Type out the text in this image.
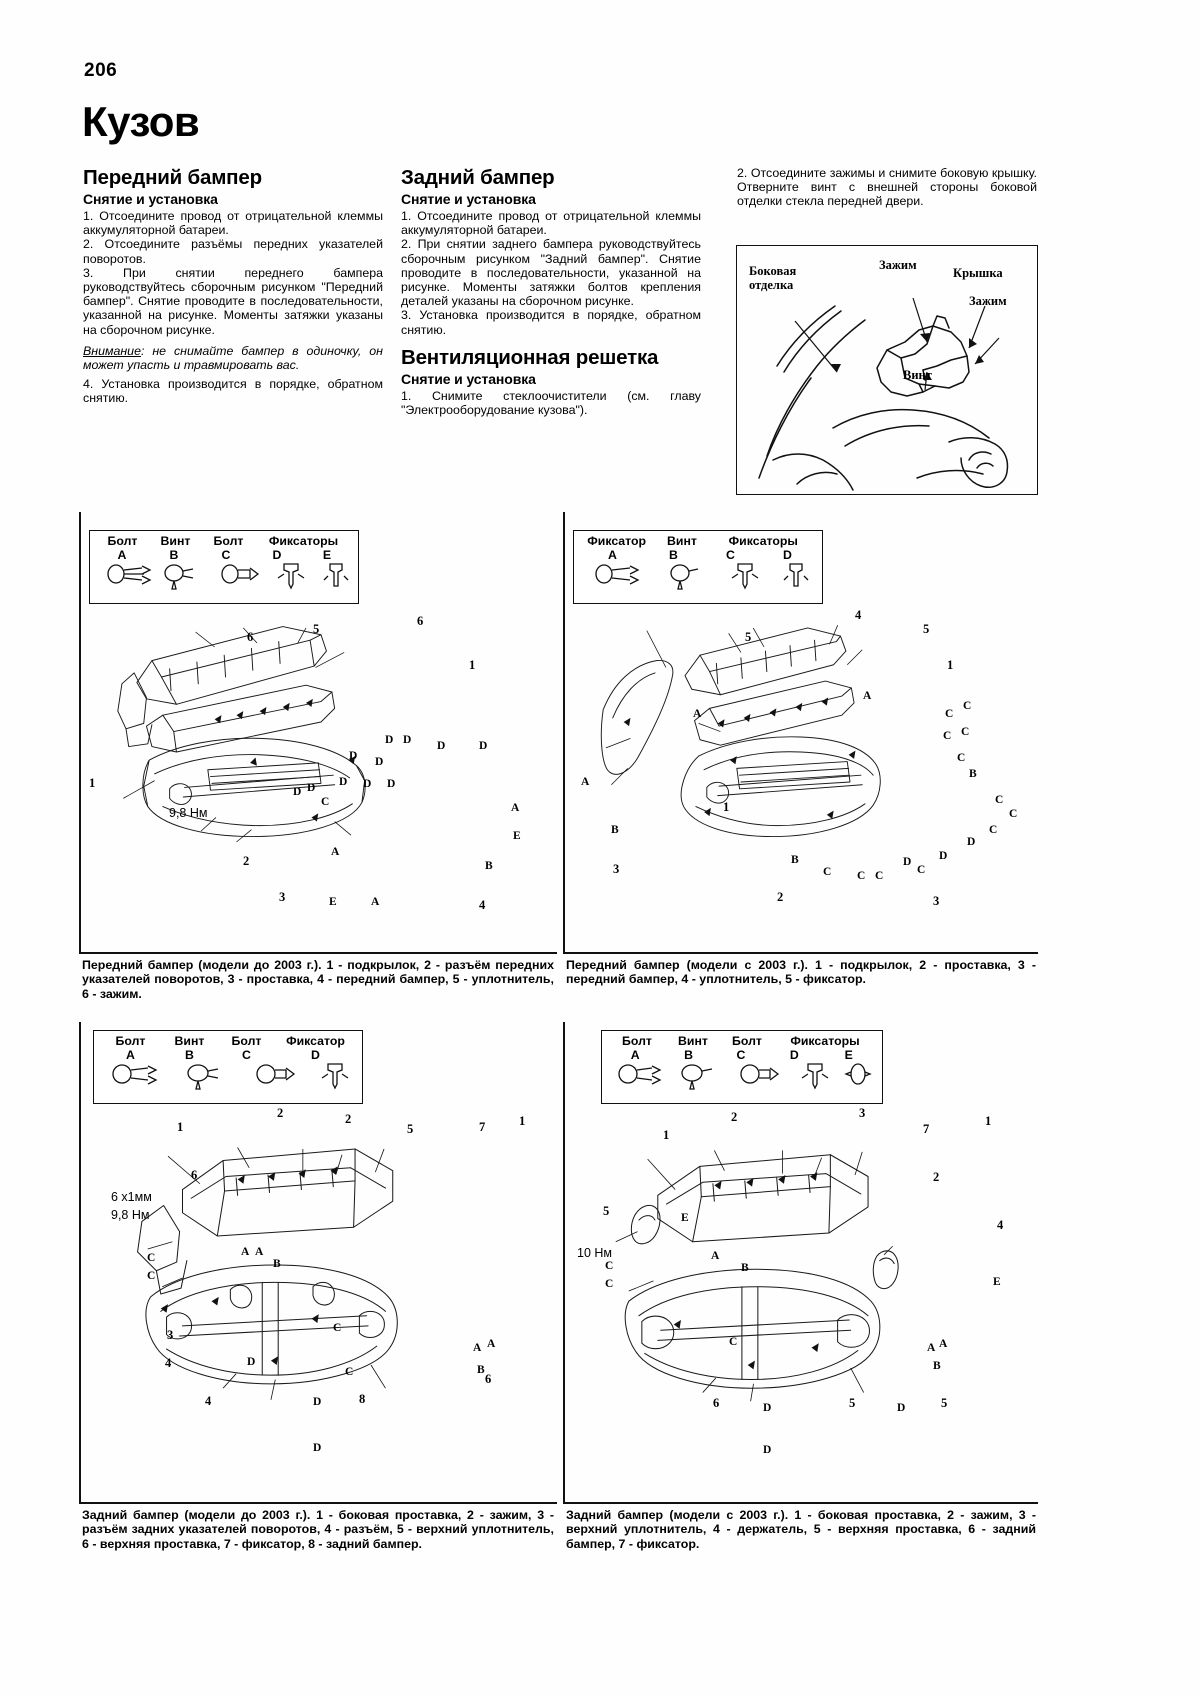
206
Кузов
Передний бампер
Снятие и установка
1. Отсоедините провод от отрицательной клеммы аккумуляторной батареи.
2. Отсоедините разъёмы передних указателей поворотов.
3. При снятии переднего бампера руководствуйтесь сборочным рисунком "Передний бампер". Снятие проводите в последовательности, указанной на рисунке. Моменты затяжки указаны на сборочном рисунке.
Внимание: не снимайте бампер в одиночку, он может упасть и травмировать вас.
4. Установка производится в порядке, обратном снятию.
Задний бампер
Снятие и установка
1. Отсоедините провод от отрицательной клеммы аккумуляторной батареи.
2. При снятии заднего бампера руководствуйтесь сборочным рисунком "Задний бампер". Снятие проводите в последовательности, указанной на рисунке. Моменты затяжки болтов крепления деталей указаны на сборочном рисунке.
3. Установка производится в порядке, обратном снятию.
Вентиляционная решетка
Снятие и установка
1. Снимите стеклоочистители (см. главу "Электрооборудование кузова").
2. Отсоедините зажимы и снимите боковую крышку. Отверните винт с внешней стороны боковой отделки стекла передней двери.
Боковая отделка
Зажим
Крышка
Зажим
Винт
Болт	Винт	Болт	Фиксаторы
A	B	C	D	E
6
5
6
1
1
2
3
4
9,8 Нм
D D
D D
D	D
D D D
D
C
D
A
E
A
B
E	A
Передний бампер (модели до 2003 г.). 1 - подкрылок, 2 - разъём передних указателей поворотов, 3 - проставка, 4 - передний бампер, 5 - уплотнитель, 6 - зажим.
Фиксатор	Винт	Фиксаторы
A	B	C	D
5
4
5
1
1
3
2	3
A
A
B
B
A
C
C
C C
C
B
C
C
C
C C C
D
C
D
D
Передний бампер (модели с 2003 г.). 1 - подкрылок, 2 - проставка, 3 - передний бампер, 4 - уплотнитель, 5 - фиксатор.
Болт	Винт	Болт	Фиксатор
A	B	C	D
6 x1мм
9,8 Нм
1
2	2
5	7	1
6
3
4
4	8
6
C
C
A A
B
C
C
A A
B
D
D
D
Задний бампер (модели до 2003 г.). 1 - боковая проставка, 2 - зажим, 3 - разъём задних указателей поворотов, 4 - разъём, 5 - верхний уплотнитель, 6 - верхняя проставка, 7 - фиксатор, 8 - задний бампер.
Болт	Винт	Болт	Фиксаторы
A	B	C	D	E
10 Нм
1
2	3
7
1
2
5
4
6	5	5
E
E
C
C
A
B
C	A A
B
D
D
D
Задний бампер (модели с 2003 г.). 1 - боковая проставка, 2 - зажим, 3 - верхний уплотнитель, 4 - держатель, 5 - верхняя проставка, 6 - задний бампер, 7 - фиксатор.
